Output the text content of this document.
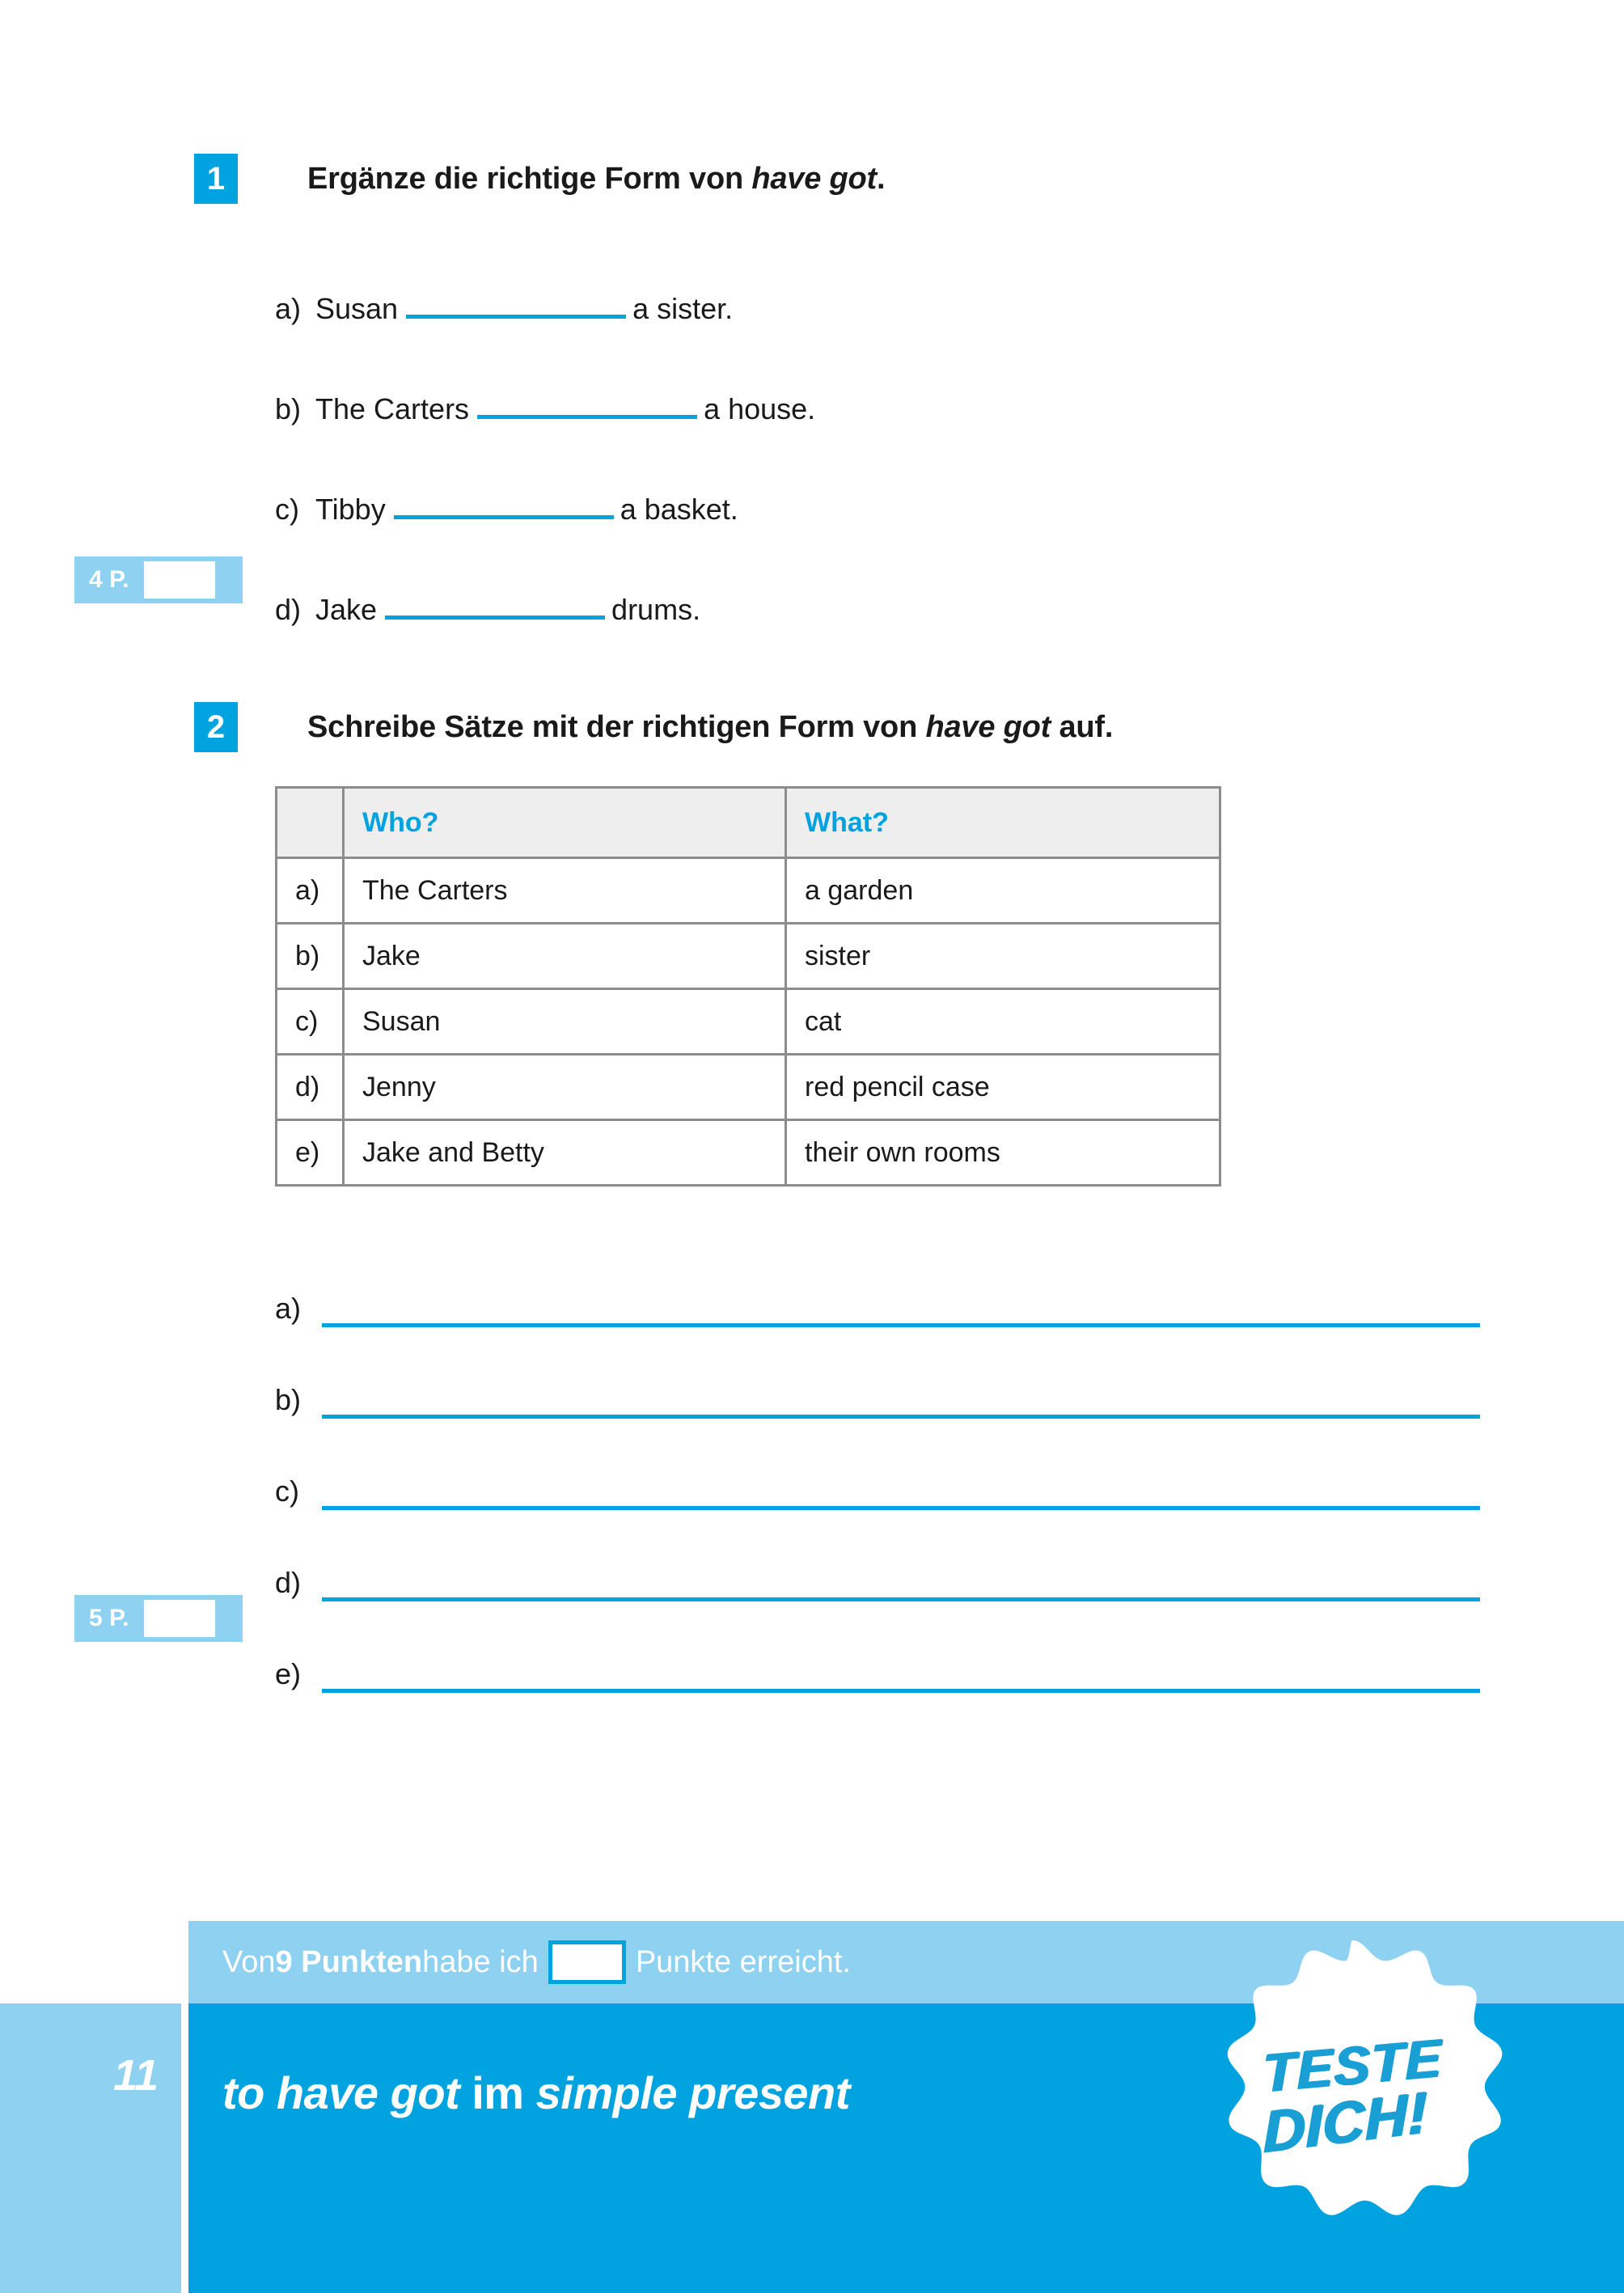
1	Ergänze die richtige Form von have got.
a) Susan	a sister.
b) The Carters	a house.
c) Tibby	a basket.
d) Jake	drums.
4 P.
2	Schreibe Sätze mit der richtigen Form von have got auf.
	Who?	What?
a)	The Carters	a garden
b)	Jake	sister
c)	Susan	cat
d)	Jenny	red pencil case
e)	Jake and Betty	their own rooms
a)
b)
c)
d)
e)
5 P.
Von 9 Punkten habe ich	Punkte erreicht.
11 to have got im simple present	TESTE
DICH!
